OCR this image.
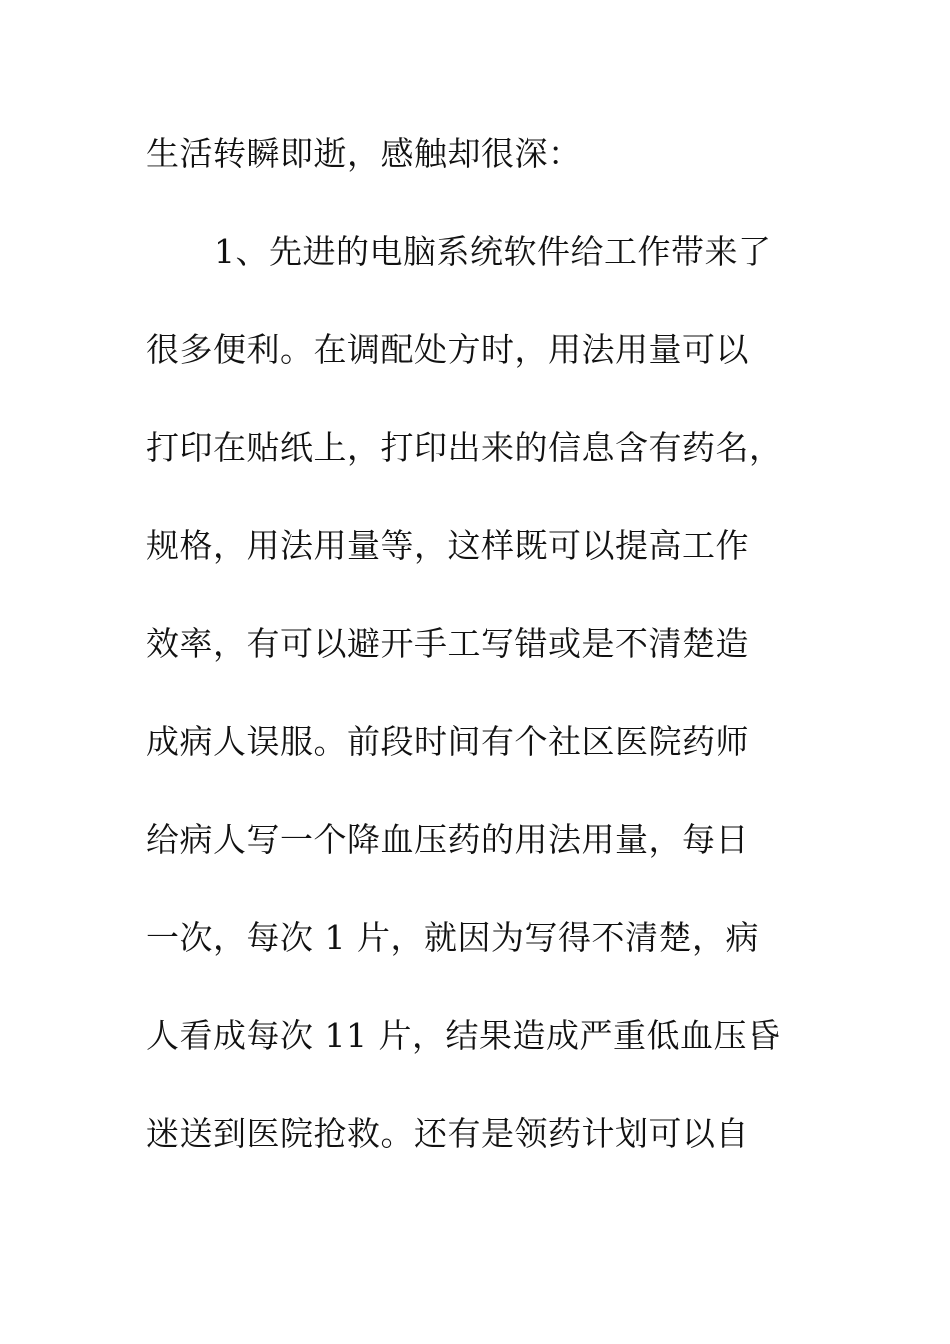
生活转瞬即逝，感触却很深：
1、先进的电脑系统软件给工作带来了
很多便利。在调配处方时，用法用量可以
打印在贴纸上，打印出来的信息含有药名，
规格，用法用量等，这样既可以提高工作
效率，有可以避开手工写错或是不清楚造
成病人误服。前段时间有个社区医院药师
给病人写一个降血压药的用法用量，每日
一次，每次 1 片，就因为写得不清楚，病
人看成每次 11 片，结果造成严重低血压昏
迷送到医院抢救。还有是领药计划可以自
